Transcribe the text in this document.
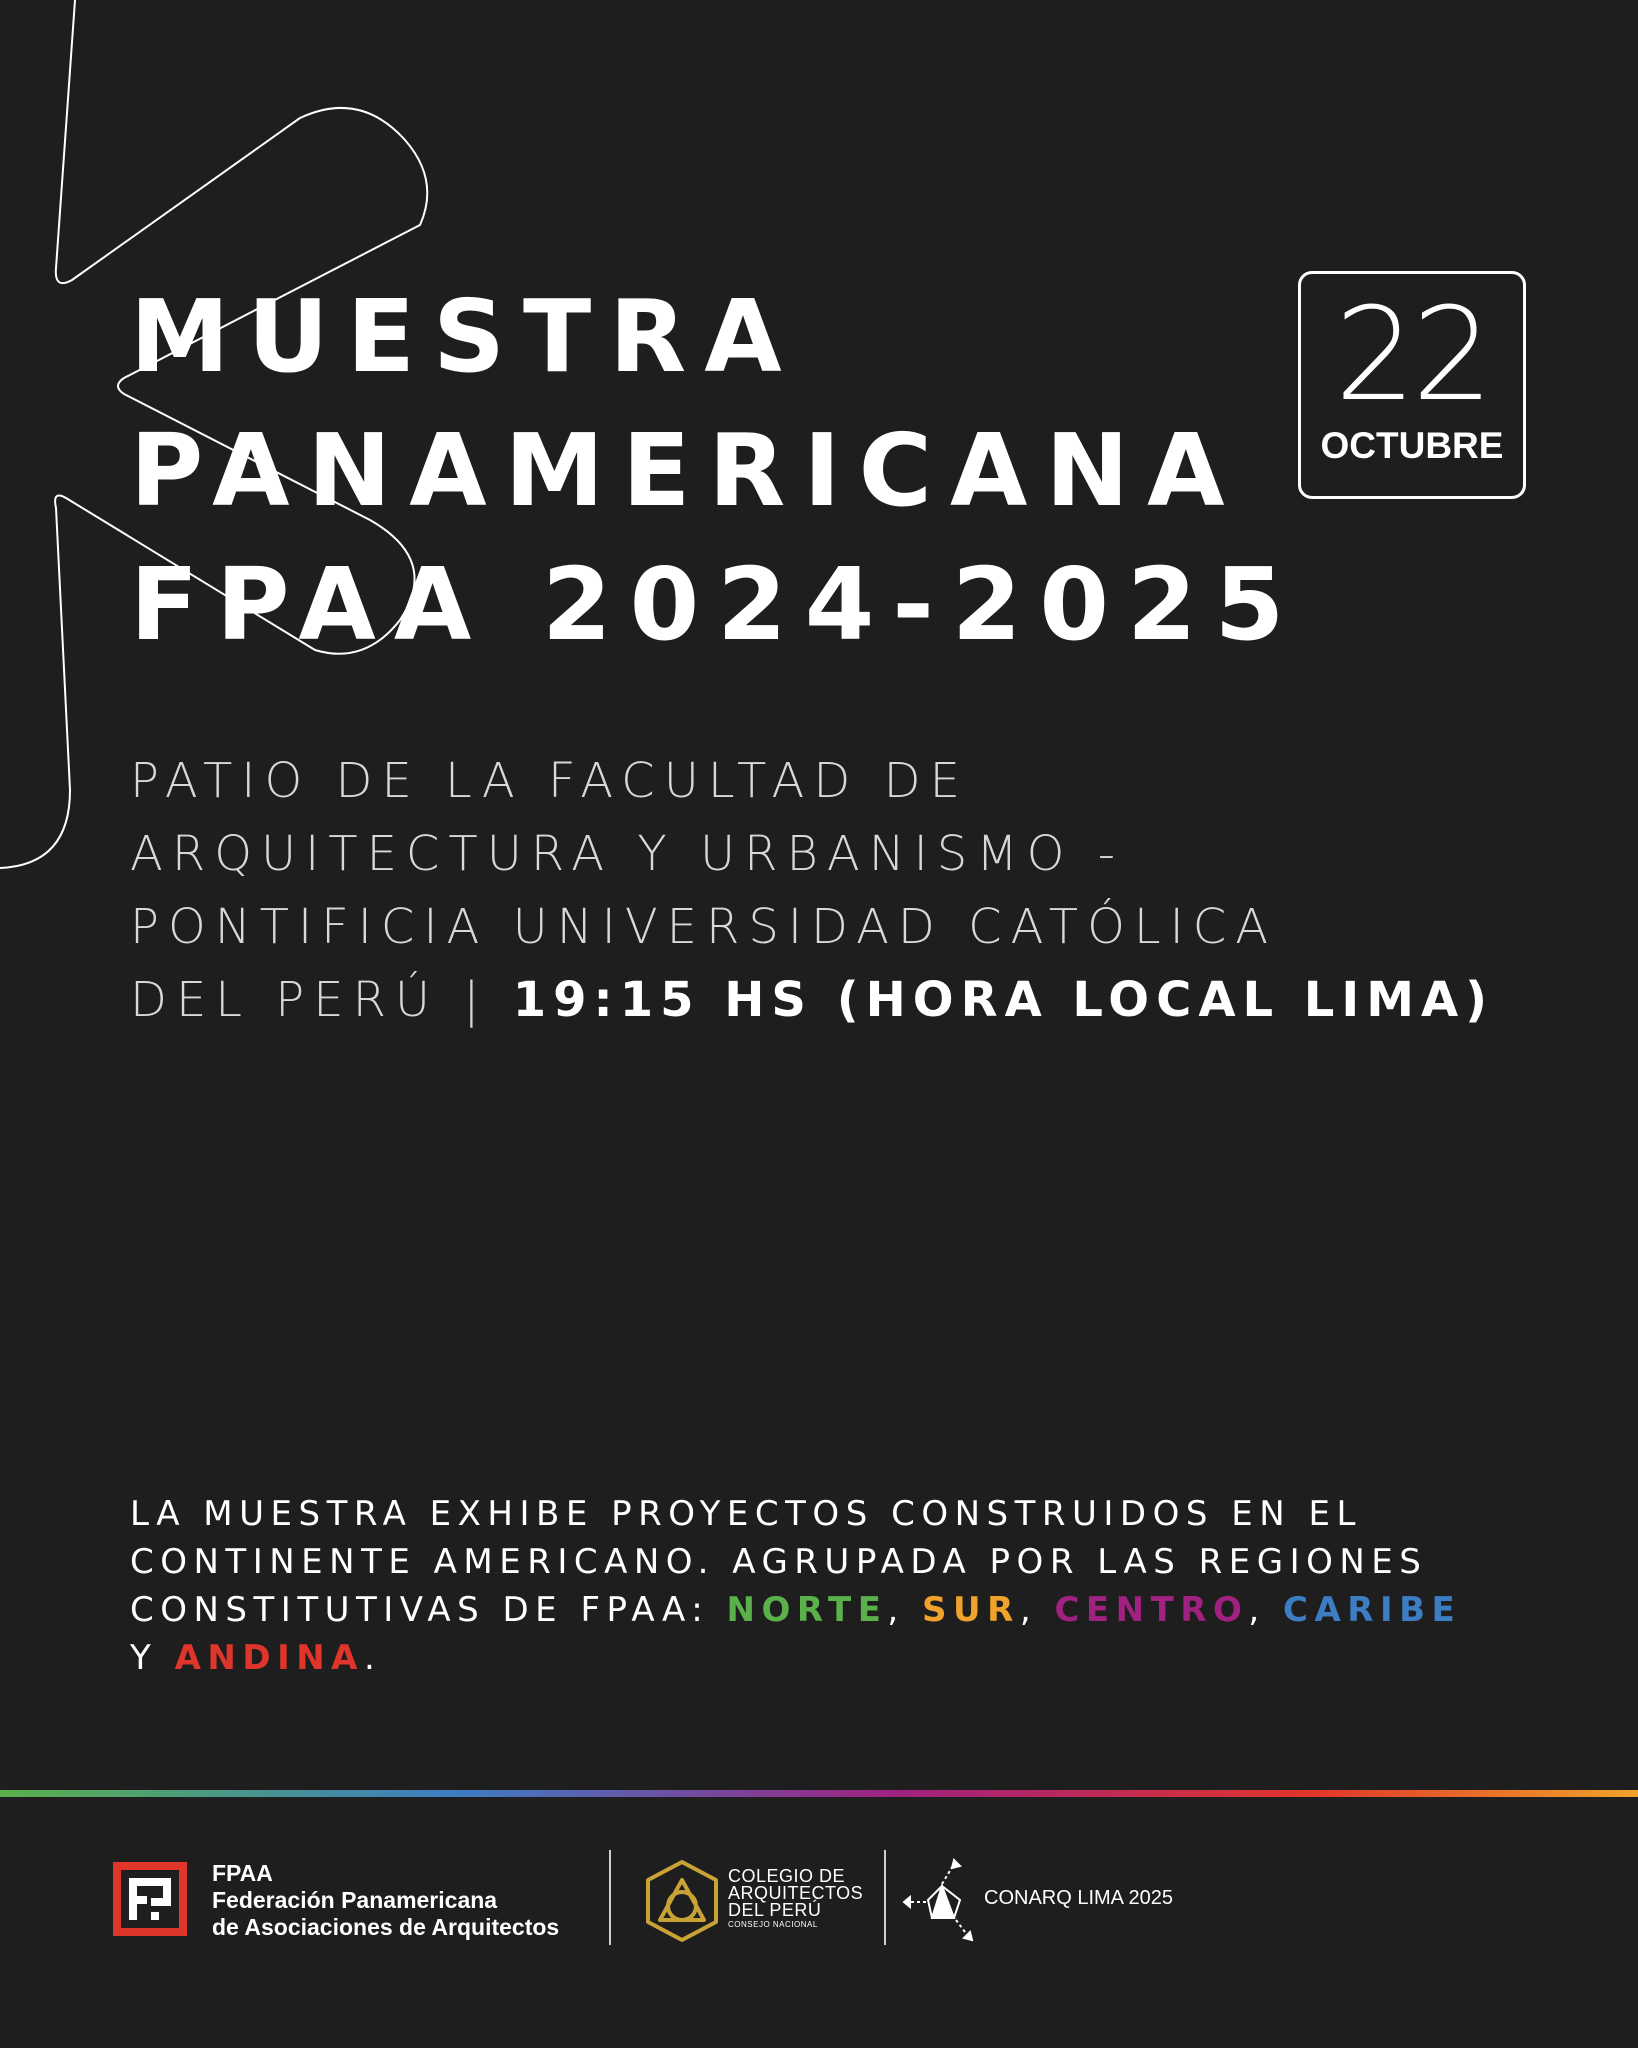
MUESTRA
PANAMERICANA
FPAA 2024-2025
22
OCTUBRE

PATIO DE LA FACULTAD DE
ARQUITECTURA Y URBANISMO -
PONTIFICIA UNIVERSIDAD CATÓLICA
DEL PERÚ | 19:15 HS (HORA LOCAL LIMA)

LA MUESTRA EXHIBE PROYECTOS CONSTRUIDOS EN EL
CONTINENTE AMERICANO. AGRUPADA POR LAS REGIONES
CONSTITUTIVAS DE FPAA: NORTE, SUR, CENTRO, CARIBE
Y ANDINA.

FPAA
Federación Panamericana
de Asociaciones de Arquitectos
COLEGIO DE
ARQUITECTOS
DEL PERÚ
CONSEJO NACIONAL
CONARQ LIMA 2025
